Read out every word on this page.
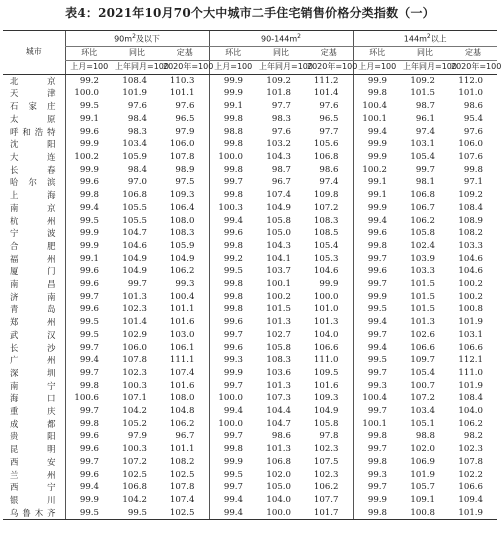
表4：2021年10月70个大中城市二手住宅销售价格分类指数（一）
城市	$90m^2$及以下			$90-144m^2$			$144m^2$以上		
	环比	同比	定基	环比	同比	定基	环比	同比	定基
	上月=100	上年同月=100	2020年=100	上月=100	上年同月=100	2020年=100	上月=100	上年同月=100	2020年=100
北京	99.2	108.4	110.3	99.9	109.2	111.2	99.9	109.2	112.0
天津	100.0	101.9	101.1	99.9	101.8	101.4	99.8	101.5	101.0
石家庄	99.5	97.6	97.6	99.1	97.7	97.6	100.4	98.7	98.6
太原	99.1	98.4	96.5	99.8	98.3	96.5	100.1	96.1	95.4
呼和浩特	99.6	98.3	97.9	98.8	97.6	97.7	99.4	97.4	97.6
沈阳	99.9	103.4	106.0	99.8	103.2	105.6	99.9	103.1	106.0
大连	100.2	105.9	107.8	100.0	104.3	106.8	99.9	105.4	107.6
长春	99.9	98.4	98.9	99.8	98.7	98.6	100.2	99.7	99.8
哈尔滨	99.6	97.0	97.5	99.7	96.7	97.4	99.1	98.1	97.1
上海	99.8	106.8	109.3	99.8	107.4	109.8	99.1	106.8	109.2
南京	99.4	105.5	106.4	100.3	104.9	107.2	99.9	106.7	108.4
杭州	99.5	105.5	108.0	99.4	105.8	108.3	99.4	106.2	108.9
宁波	99.9	104.7	108.3	99.6	105.0	108.5	99.6	105.8	108.2
合肥	99.9	104.6	105.9	99.8	104.3	105.4	99.8	102.4	103.3
福州	99.1	104.9	104.9	99.2	104.1	105.3	99.7	103.9	104.6
厦门	99.6	104.9	106.2	99.5	103.7	104.6	99.6	103.3	104.6
南昌	99.6	99.7	99.3	99.8	100.1	99.9	99.7	101.5	100.2
济南	99.7	101.3	100.4	99.8	100.2	100.0	99.9	101.5	100.2
青岛	99.6	102.3	101.1	99.8	101.5	101.0	99.5	101.5	100.8
郑州	99.5	101.4	101.6	99.6	101.3	101.3	99.4	101.3	101.9
武汉	99.5	102.9	103.0	99.7	102.7	104.0	99.7	102.6	103.1
长沙	99.7	106.0	106.1	99.6	105.8	106.6	99.4	106.6	106.6
广州	99.4	107.8	111.1	99.3	108.3	111.0	99.5	109.7	112.1
深圳	99.7	102.3	107.4	99.9	103.6	109.5	99.7	105.4	111.0
南宁	99.8	100.3	101.6	99.7	101.3	101.6	99.3	100.7	101.9
海口	100.6	107.1	108.0	100.0	107.3	109.3	100.4	107.2	108.4
重庆	99.7	104.2	104.8	99.4	104.4	104.9	99.7	103.4	104.0
成都	99.8	105.2	106.2	100.0	104.7	105.8	100.1	105.1	106.2
贵阳	99.6	97.9	96.7	99.7	98.6	97.8	99.8	98.8	98.2
昆明	99.6	100.3	101.1	99.8	101.3	102.3	99.7	102.0	102.3
西安	99.7	107.2	108.2	99.9	106.8	107.5	99.8	106.9	107.8
兰州	99.6	102.5	102.5	99.5	102.0	102.3	99.3	101.9	102.2
西宁	99.4	106.8	107.8	99.7	105.0	106.2	99.7	105.7	106.6
银川	99.9	104.2	107.4	99.4	104.0	107.7	99.9	109.1	109.4
乌鲁木齐	99.5	99.5	102.5	99.4	100.0	101.7	99.8	100.8	101.9
